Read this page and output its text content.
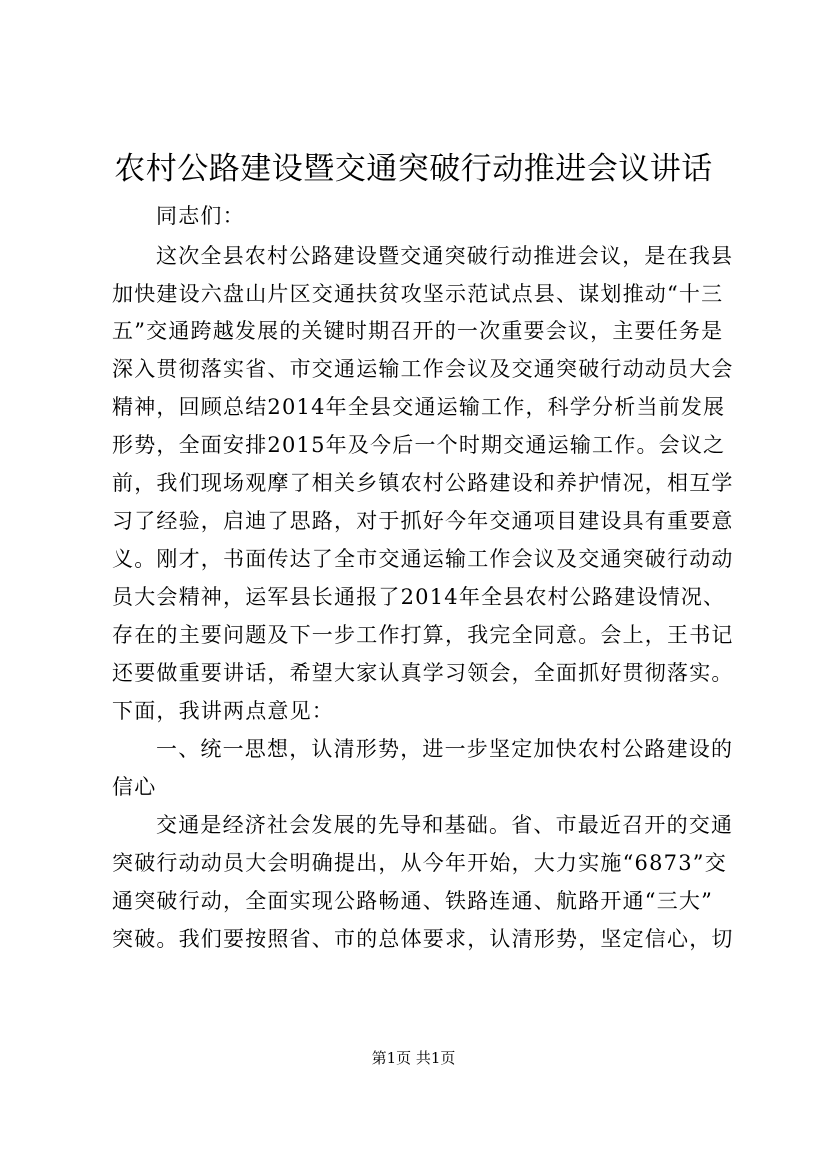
农村公路建设暨交通突破行动推进会议讲话

同志们：

这次全县农村公路建设暨交通突破行动推进会议，是在我县

加快建设六盘山片区交通扶贫攻坚示范试点县、谋划推动“十三

五”交通跨越发展的关键时期召开的一次重要会议，主要任务是

深入贯彻落实省、市交通运输工作会议及交通突破行动动员大会

精神，回顾总结2014年全县交通运输工作，科学分析当前发展

形势，全面安排2015年及今后一个时期交通运输工作。会议之

前，我们现场观摩了相关乡镇农村公路建设和养护情况，相互学

习了经验，启迪了思路，对于抓好今年交通项目建设具有重要意

义。刚才，书面传达了全市交通运输工作会议及交通突破行动动

员大会精神，运军县长通报了2014年全县农村公路建设情况、

存在的主要问题及下一步工作打算，我完全同意。会上，王书记

还要做重要讲话，希望大家认真学习领会，全面抓好贯彻落实。

下面，我讲两点意见：

一、统一思想，认清形势，进一步坚定加快农村公路建设的

信心

交通是经济社会发展的先导和基础。省、市最近召开的交通

突破行动动员大会明确提出，从今年开始，大力实施“6873”交

通突破行动，全面实现公路畅通、铁路连通、航路开通“三大”

突破。我们要按照省、市的总体要求，认清形势，坚定信心，切

第1页 共1页
